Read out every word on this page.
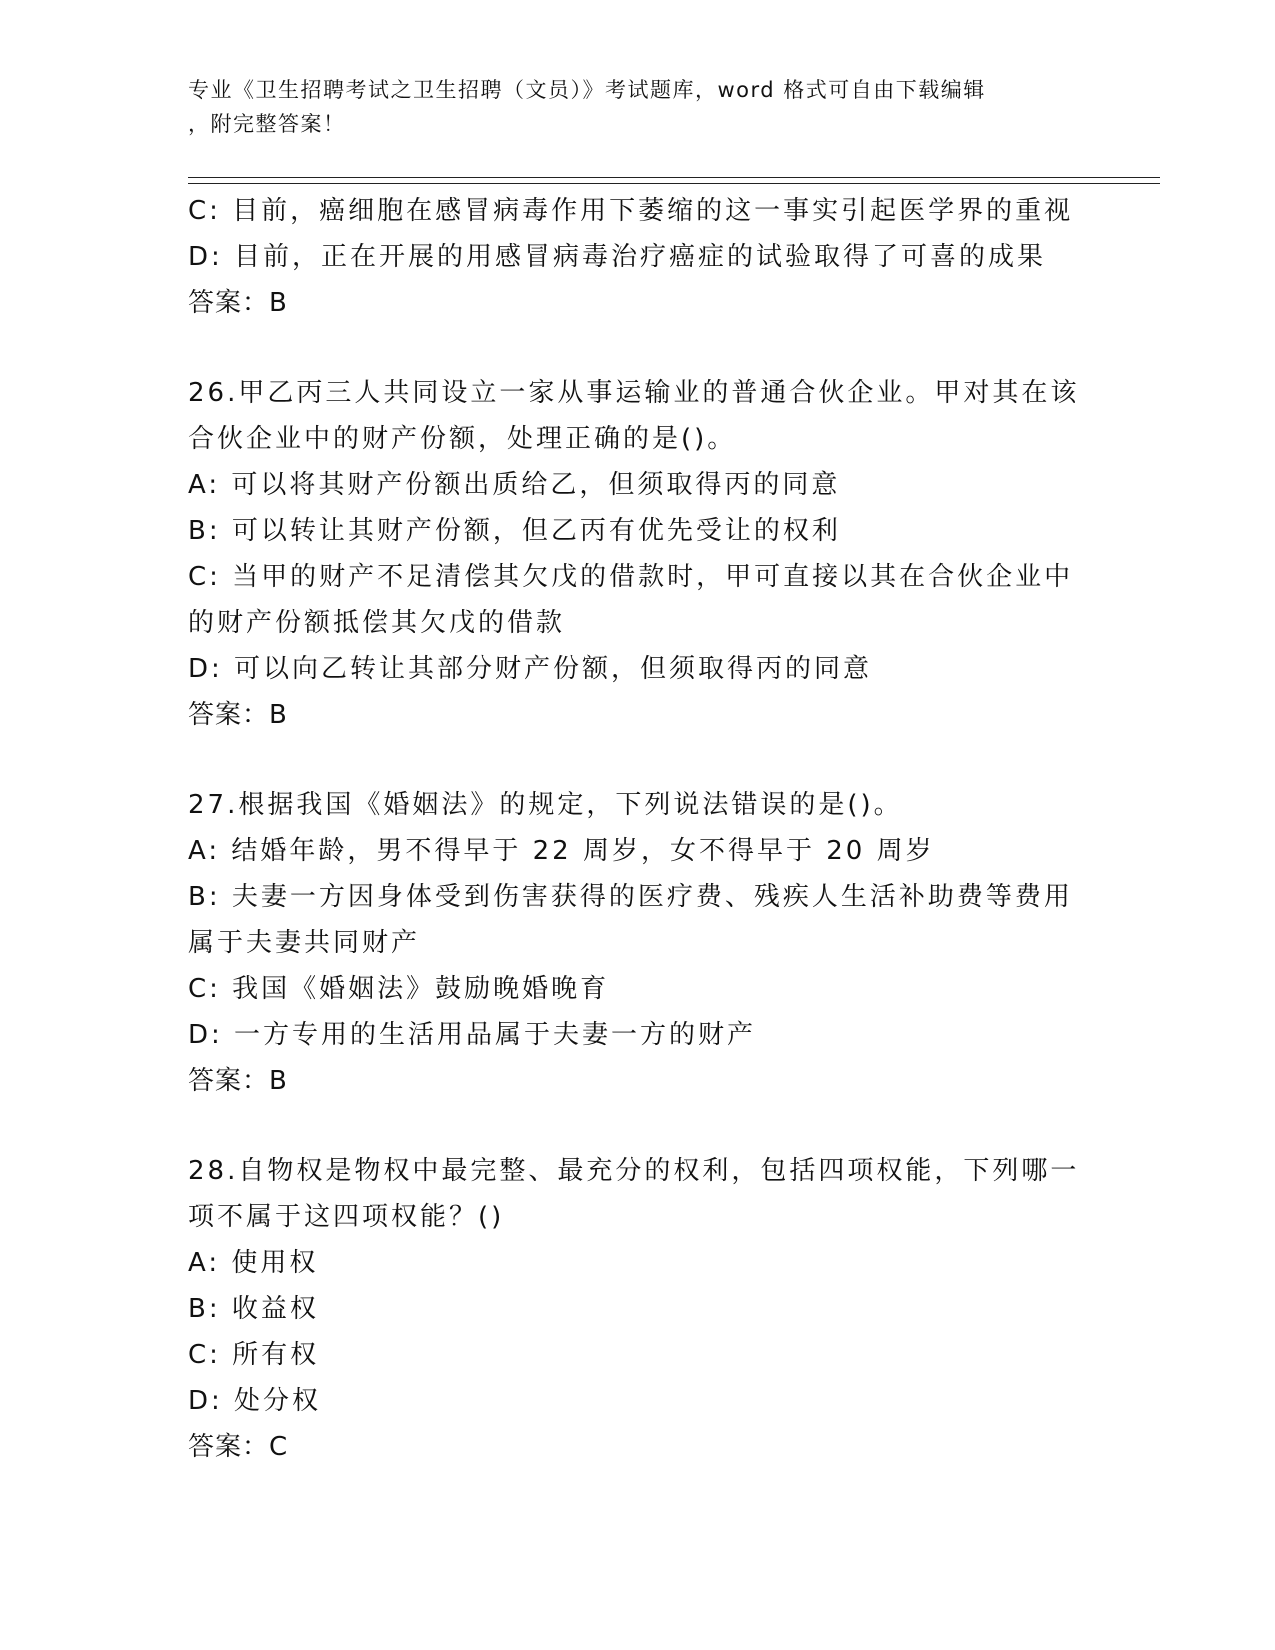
专业《卫生招聘考试之卫生招聘（文员）》考试题库，word 格式可自由下载编辑
，附完整答案！
C: 目前，癌细胞在感冒病毒作用下萎缩的这一事实引起医学界的重视
D: 目前，正在开展的用感冒病毒治疗癌症的试验取得了可喜的成果
答案：B
26.甲乙丙三人共同设立一家从事运输业的普通合伙企业。甲对其在该
合伙企业中的财产份额，处理正确的是()。
A: 可以将其财产份额出质给乙，但须取得丙的同意
B: 可以转让其财产份额，但乙丙有优先受让的权利
C: 当甲的财产不足清偿其欠戊的借款时，甲可直接以其在合伙企业中
的财产份额抵偿其欠戊的借款
D: 可以向乙转让其部分财产份额，但须取得丙的同意
答案：B
27.根据我国《婚姻法》的规定，下列说法错误的是()。
A: 结婚年龄，男不得早于 22 周岁，女不得早于 20 周岁
B: 夫妻一方因身体受到伤害获得的医疗费、残疾人生活补助费等费用
属于夫妻共同财产
C: 我国《婚姻法》鼓励晚婚晚育
D: 一方专用的生活用品属于夫妻一方的财产
答案：B
28.自物权是物权中最完整、最充分的权利，包括四项权能，下列哪一
项不属于这四项权能？()
A: 使用权
B: 收益权
C: 所有权
D: 处分权
答案：C
